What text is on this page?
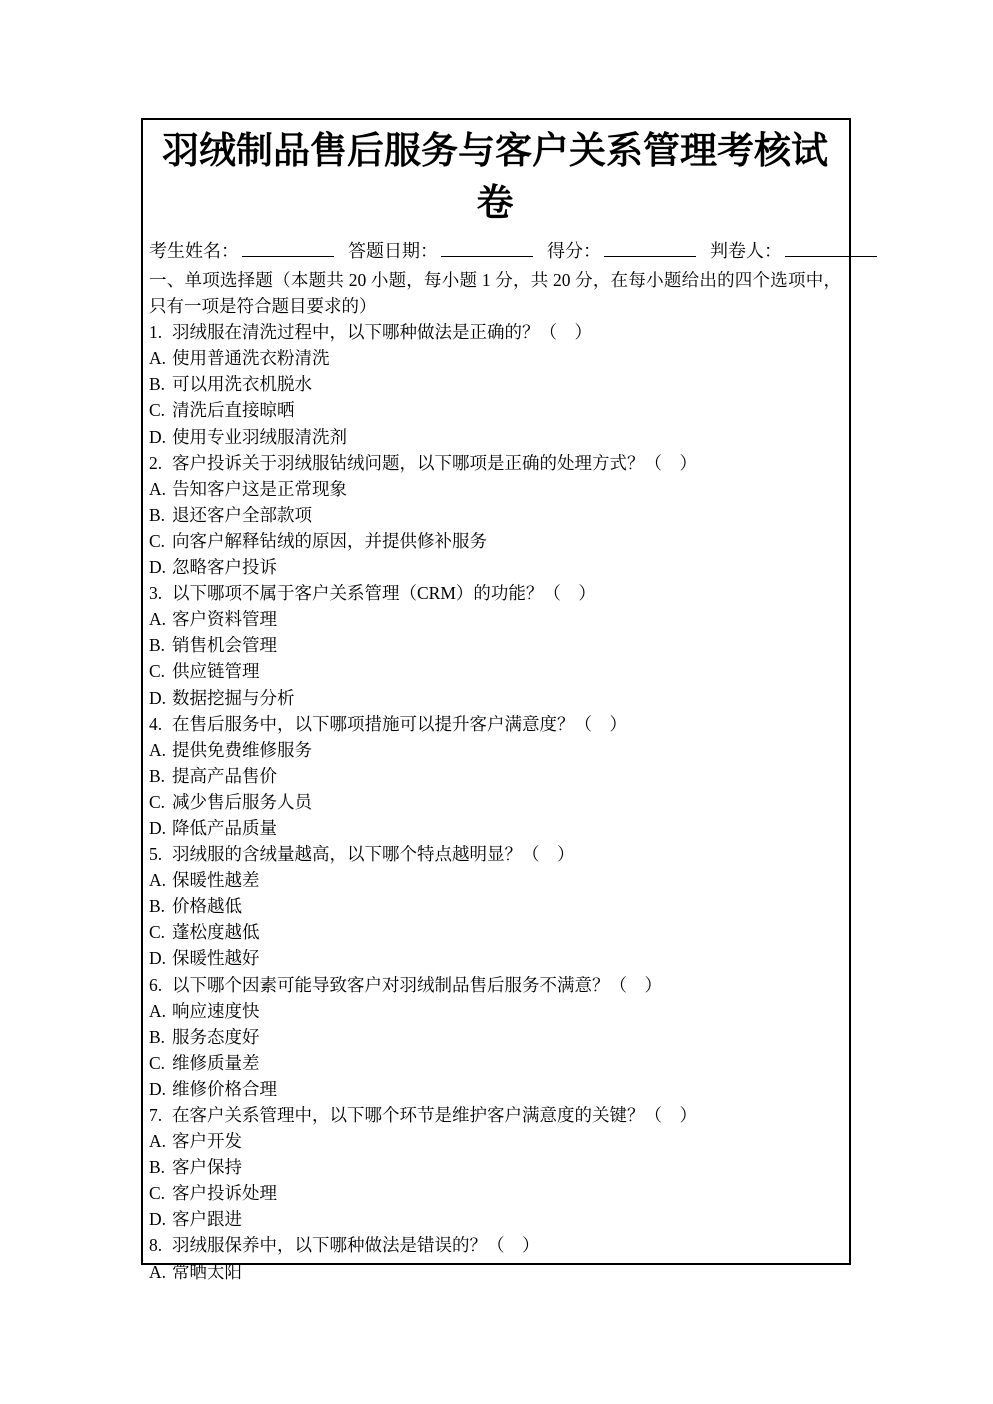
羽绒制品售后服务与客户关系管理考核试卷
考生姓名：	答题日期：	得分：	判卷人：
一、单项选择题（本题共 20 小题，每小题 1 分，共 20 分，在每小题给出的四个选项中，只有一项是符合题目要求的）
1. 羽绒服在清洗过程中，以下哪种做法是正确的？（　）
A. 使用普通洗衣粉清洗
B. 可以用洗衣机脱水
C. 清洗后直接晾晒
D. 使用专业羽绒服清洗剂
2. 客户投诉关于羽绒服钻绒问题，以下哪项是正确的处理方式？（　）
A. 告知客户这是正常现象
B. 退还客户全部款项
C. 向客户解释钻绒的原因，并提供修补服务
D. 忽略客户投诉
3. 以下哪项不属于客户关系管理（CRM）的功能？（　）
A. 客户资料管理
B. 销售机会管理
C. 供应链管理
D. 数据挖掘与分析
4. 在售后服务中，以下哪项措施可以提升客户满意度？（　）
A. 提供免费维修服务
B. 提高产品售价
C. 减少售后服务人员
D. 降低产品质量
5. 羽绒服的含绒量越高，以下哪个特点越明显？（　）
A. 保暖性越差
B. 价格越低
C. 蓬松度越低
D. 保暖性越好
6. 以下哪个因素可能导致客户对羽绒制品售后服务不满意？（　）
A. 响应速度快
B. 服务态度好
C. 维修质量差
D. 维修价格合理
7. 在客户关系管理中，以下哪个环节是维护客户满意度的关键？（　）
A. 客户开发
B. 客户保持
C. 客户投诉处理
D. 客户跟进
8. 羽绒服保养中，以下哪种做法是错误的？（　）
A. 常晒太阳
